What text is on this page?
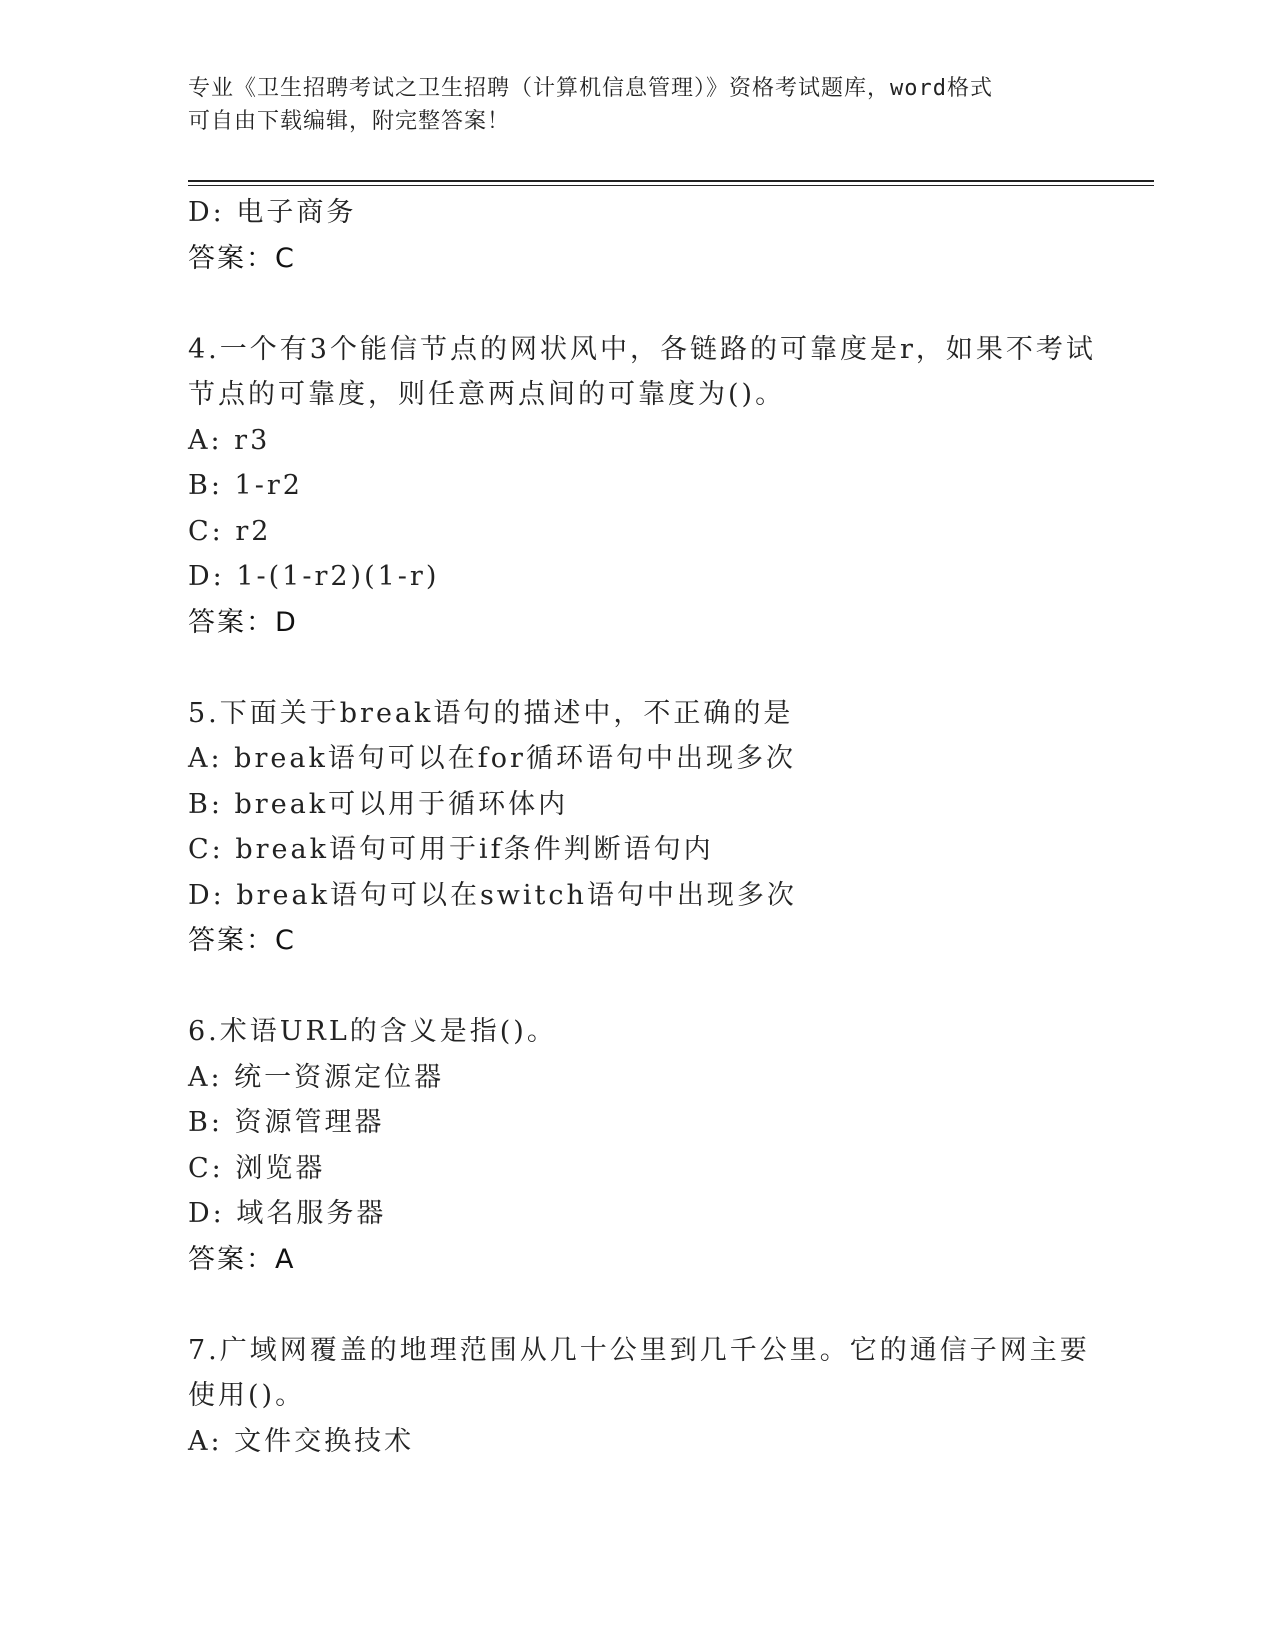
专业《卫生招聘考试之卫生招聘（计算机信息管理）》资格考试题库，word格式
可自由下载编辑，附完整答案！
D: 电子商务
答案：C
4.一个有3个能信节点的网状风中，各链路的可靠度是r，如果不考试
节点的可靠度，则任意两点间的可靠度为()。
A: r3
B: 1-r2
C: r2
D: 1-(1-r2)(1-r)
答案：D
5.下面关于break语句的描述中，不正确的是
A: break语句可以在for循环语句中出现多次
B: break可以用于循环体内
C: break语句可用于if条件判断语句内
D: break语句可以在switch语句中出现多次
答案：C
6.术语URL的含义是指()。
A: 统一资源定位器
B: 资源管理器
C: 浏览器
D: 域名服务器
答案：A
7.广域网覆盖的地理范围从几十公里到几千公里。它的通信子网主要
使用()。
A: 文件交换技术
